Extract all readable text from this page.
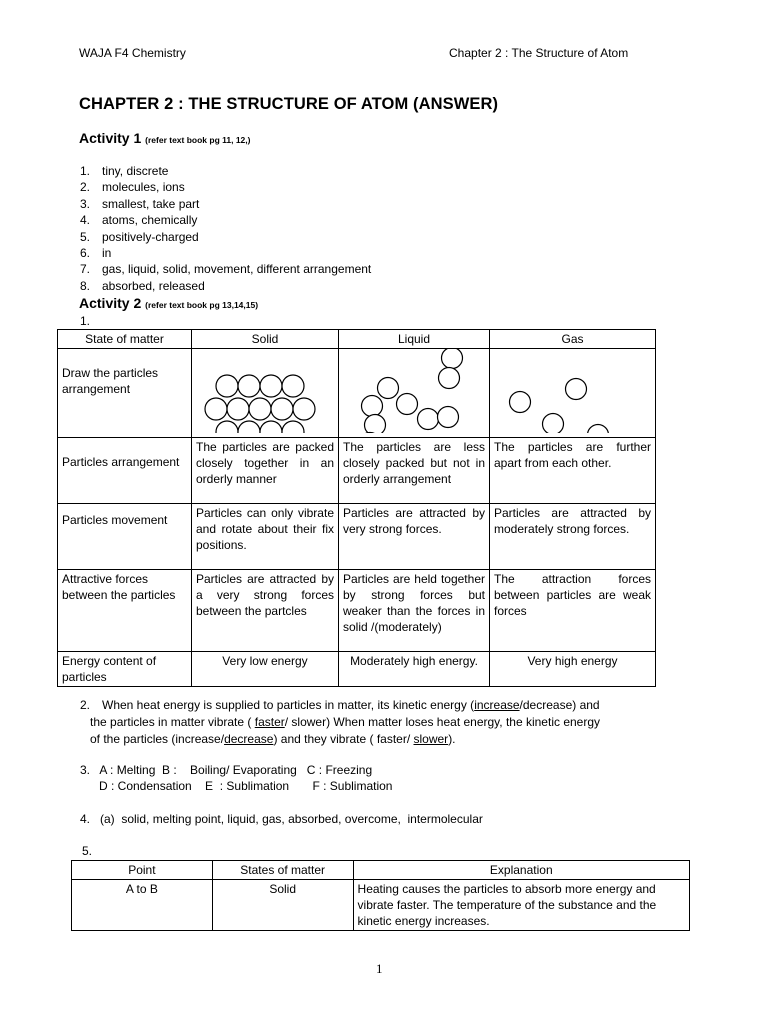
WAJA F4 Chemistry	Chapter 2 : The Structure of Atom
CHAPTER 2 : THE STRUCTURE OF ATOM (ANSWER)
Activity 1 (refer text book pg 11, 12,)
1. tiny, discrete
2. molecules, ions
3. smallest, take part
4. atoms, chemically
5. positively-charged
6. in
7. gas, liquid, solid, movement, different arrangement
8. absorbed, released
Activity 2 (refer text book pg 13,14,15)
1.
State of matter	Solid	Liquid	Gas
Draw the particles arrangement			
Particles arrangement	The particles are packed closely together in an orderly manner	The particles are less closely packed but not in orderly arrangement	The particles are further apart from each other.
Particles movement	Particles can only vibrate and rotate about their fix positions.	Particles are attracted by very strong forces.	Particles are attracted by moderately strong forces.
Attractive forces between the particles	Particles are attracted by a very strong forces between the partcles	Particles are held together by strong forces but weaker than the forces in solid /(moderately)	The attraction forces between particles are weak forces
Energy content of particles	Very low energy	Moderately high energy.	Very high energy
2. When heat energy is supplied to particles in matter, its kinetic energy (increase/decrease) and
the particles in matter vibrate ( faster/ slower) When matter loses heat energy, the kinetic energy
of the particles (increase/decrease) and they vibrate ( faster/ slower).
3.   A : Melting  B :    Boiling/ Evaporating   C : Freezing
D : Condensation    E  : Sublimation       F : Sublimation
4.   (a)  solid, melting point, liquid, gas, absorbed, overcome,  intermolecular
5.
Point	States of matter	Explanation
A to B	Solid	Heating causes the particles to absorb more energy and vibrate faster. The temperature of the substance and the kinetic energy increases.
1
